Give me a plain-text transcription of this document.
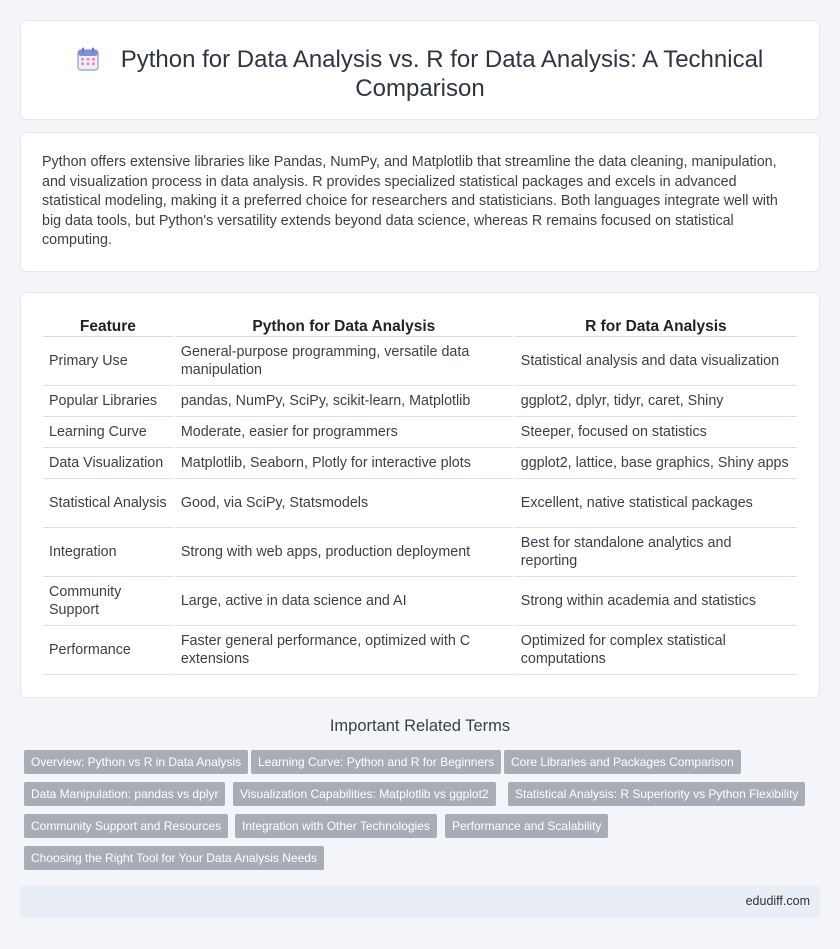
Python for Data Analysis vs. R for Data Analysis: A Technical Comparison

Python offers extensive libraries like Pandas, NumPy, and Matplotlib that streamline the data cleaning, manipulation, and visualization process in data analysis. R provides specialized statistical packages and excels in advanced statistical modeling, making it a preferred choice for researchers and statisticians. Both languages integrate well with big data tools, but Python's versatility extends beyond data science, whereas R remains focused on statistical computing.

Feature	Python for Data Analysis	R for Data Analysis
Primary Use	General-purpose programming, versatile data manipulation	Statistical analysis and data visualization
Popular Libraries	pandas, NumPy, SciPy, scikit-learn, Matplotlib	ggplot2, dplyr, tidyr, caret, Shiny
Learning Curve	Moderate, easier for programmers	Steeper, focused on statistics
Data Visualization	Matplotlib, Seaborn, Plotly for interactive plots	ggplot2, lattice, base graphics, Shiny apps
Statistical Analysis	Good, via SciPy, Statsmodels	Excellent, native statistical packages
Integration	Strong with web apps, production deployment	Best for standalone analytics and reporting
Community Support	Large, active in data science and AI	Strong within academia and statistics
Performance	Faster general performance, optimized with C extensions	Optimized for complex statistical computations
Important Related Terms
Overview: Python vs R in Data Analysis	Learning Curve: Python and R for Beginners	Core Libraries and Packages Comparison
Data Manipulation: pandas vs dplyr	Visualization Capabilities: Matplotlib vs ggplot2	Statistical Analysis: R Superiority vs Python Flexibility
Community Support and Resources	Integration with Other Technologies	Performance and Scalability
Choosing the Right Tool for Your Data Analysis Needs
edudiff.com
